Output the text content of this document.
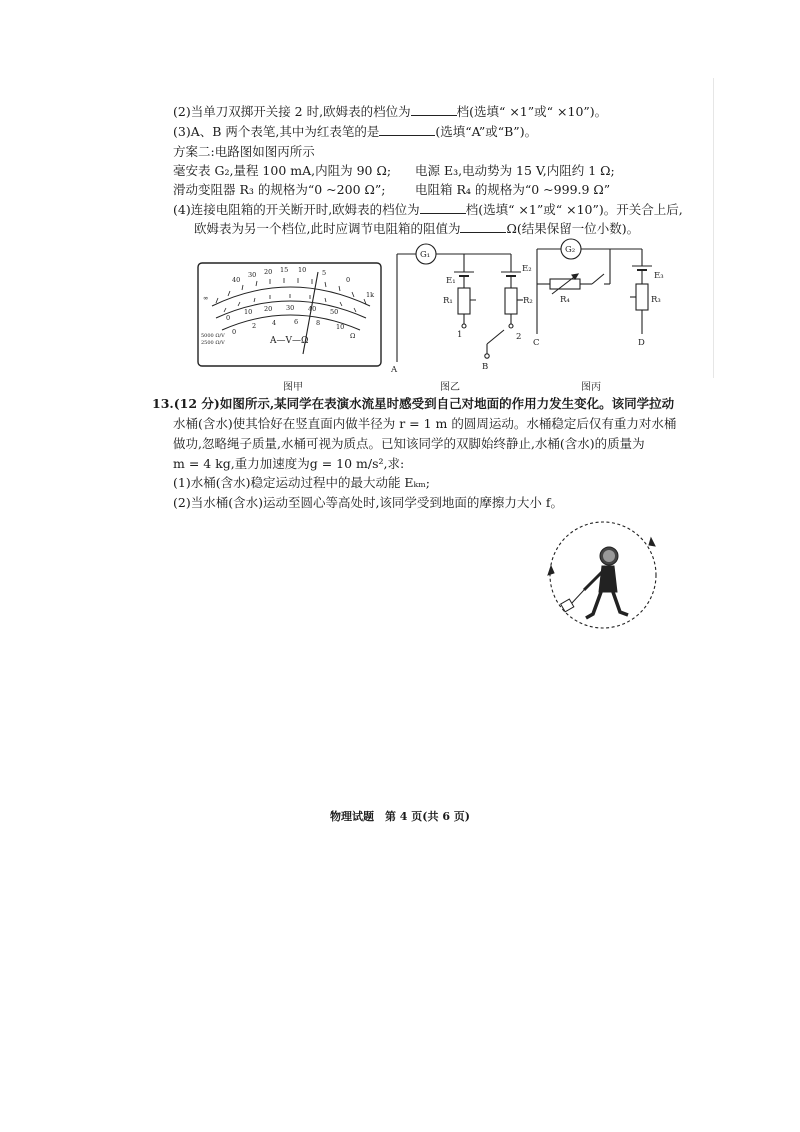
(2)当单刀双掷开关接 2 时,欧姆表的档位为	档(选填“ ×1”或“ ×10”)。
(3)A、B 两个表笔,其中为红表笔的是	(选填“A”或“B”)。
方案二:电路图如图丙所示
毫安表 G₂,量程 100 mA,内阻为 90 Ω; 电源 E₃,电动势为 15 V,内阻约 1 Ω;
滑动变阻器 R₃ 的规格为“0 ~200 Ω”; 电阻箱 R₄ 的规格为“0 ~999.9 Ω”
(4)连接电阻箱的开关断开时,欧姆表的档位为	档(选填“ ×1”或“ ×10”)。开关合上后,
欧姆表为另一个档位,此时应调节电阻箱的阻值为	Ω(结果保留一位小数)。
40
30 20 15 10 5
0
∞	1k
0
10 20 30 40 50
0
2 4	6	8 10
5000 Ω/V
2500 Ω/V
Ω
A—V—Ω
G₁
E₁
R₁
E₂
R₂
1	2
A	B
G₂
E₃
R₃
R₄
C	D
图甲	图乙	图丙
13.(12 分)如图所示,某同学在表演水流星时感受到自己对地面的作用力发生变化。该同学拉动
水桶(含水)使其恰好在竖直面内做半径为 r = 1 m 的圆周运动。水桶稳定后仅有重力对水桶
做功,忽略绳子质量,水桶可视为质点。已知该同学的双脚始终静止,水桶(含水)的质量为
m = 4 kg,重力加速度为g = 10 m/s²,求:
(1)水桶(含水)稳定运动过程中的最大动能 Eₖₘ;
(2)当水桶(含水)运动至圆心等高处时,该同学受到地面的摩擦力大小 f。
物理试题　第 4 页(共 6 页)
